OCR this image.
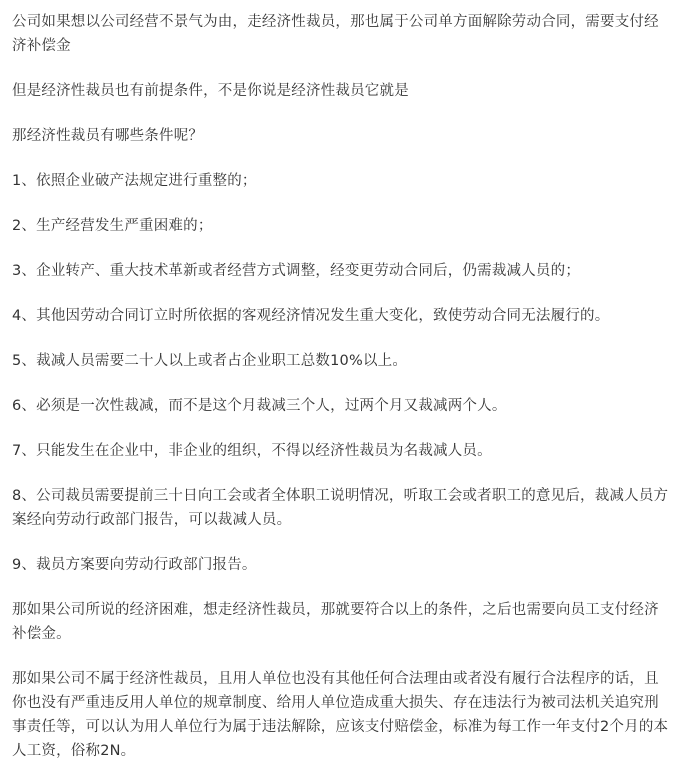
公司如果想以公司经营不景气为由，走经济性裁员，那也属于公司单方面解除劳动合同，需要支付经济补偿金

但是经济性裁员也有前提条件，不是你说是经济性裁员它就是

那经济性裁员有哪些条件呢？

1、依照企业破产法规定进行重整的；

2、生产经营发生严重困难的；

3、企业转产、重大技术革新或者经营方式调整，经变更劳动合同后，仍需裁减人员的；

4、其他因劳动合同订立时所依据的客观经济情况发生重大变化，致使劳动合同无法履行的。

5、裁减人员需要二十人以上或者占企业职工总数10%以上。

6、必须是一次性裁减，而不是这个月裁减三个人，过两个月又裁减两个人。

7、只能发生在企业中，非企业的组织，不得以经济性裁员为名裁减人员。

8、公司裁员需要提前三十日向工会或者全体职工说明情况，听取工会或者职工的意见后，裁减人员方案经向劳动行政部门报告，可以裁减人员。

9、裁员方案要向劳动行政部门报告。

那如果公司所说的经济困难，想走经济性裁员，那就要符合以上的条件，之后也需要向员工支付经济补偿金。

那如果公司不属于经济性裁员，且用人单位也没有其他任何合法理由或者没有履行合法程序的话，且你也没有严重违反用人单位的规章制度、给用人单位造成重大损失、存在违法行为被司法机关追究刑事责任等，可以认为用人单位行为属于违法解除，应该支付赔偿金，标准为每工作一年支付2个月的本人工资，俗称2N。
